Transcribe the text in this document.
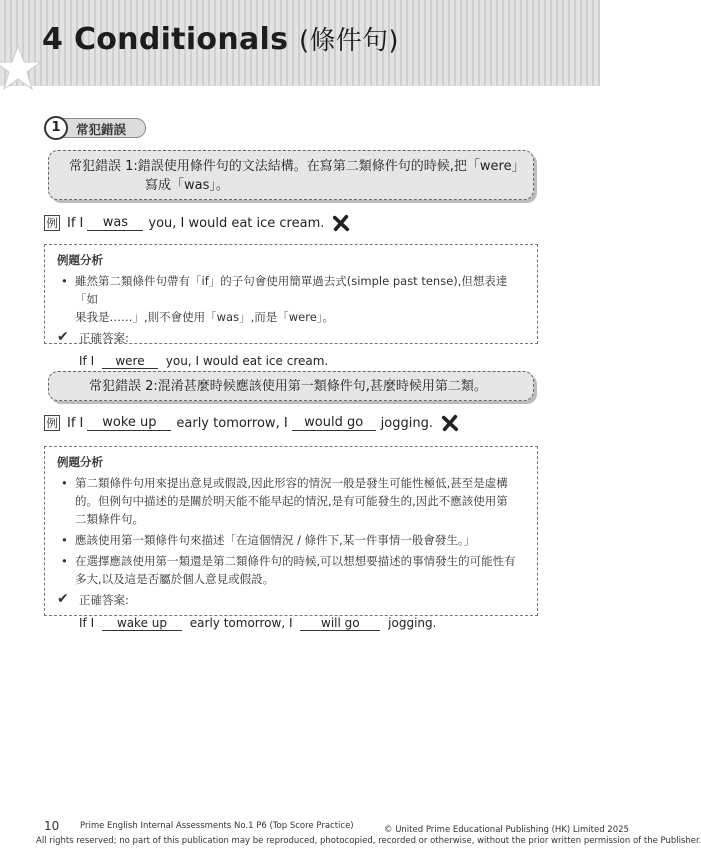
4 Conditionals (條件句)
1	常犯錯誤
常犯錯誤 1:錯誤使用條件句的文法結構。在寫第二類條件句的時候,把「were」
寫成「was」。
例 If I	was	you, I would eat ice cream.
例題分析
• 雖然第二類條件句帶有「if」的子句會使用簡單過去式(simple past tense),但想表達「如
果我是……」,則不會使用「was」,而是「were」。
✔ 正確答案:
If I were you, I would eat ice cream.
常犯錯誤 2:混淆甚麼時候應該使用第一類條件句,甚麼時候用第二類。
例 If I	woke up	early tomorrow, I	would go	jogging.
例題分析
• 第二類條件句用來提出意見或假設,因此形容的情況一般是發生可能性極低,甚至是虛構
的。但例句中描述的是關於明天能不能早起的情況,是有可能發生的,因此不應該使用第
二類條件句。
• 應該使用第一類條件句來描述「在這個情況 / 條件下,某一件事情一般會發生。」
• 在選擇應該使用第一類還是第二類條件句的時候,可以想想要描述的事情發生的可能性有
多大,以及這是否屬於個人意見或假設。
✔ 正確答案:
If I wake up early tomorrow, I will go jogging.
10 Prime English Internal Assessments No.1 P6 (Top Score Practice)	© United Prime Educational Publishing (HK) Limited 2025
All rights reserved; no part of this publication may be reproduced, photocopied, recorded or otherwise, without the prior written permission of the Publisher.
